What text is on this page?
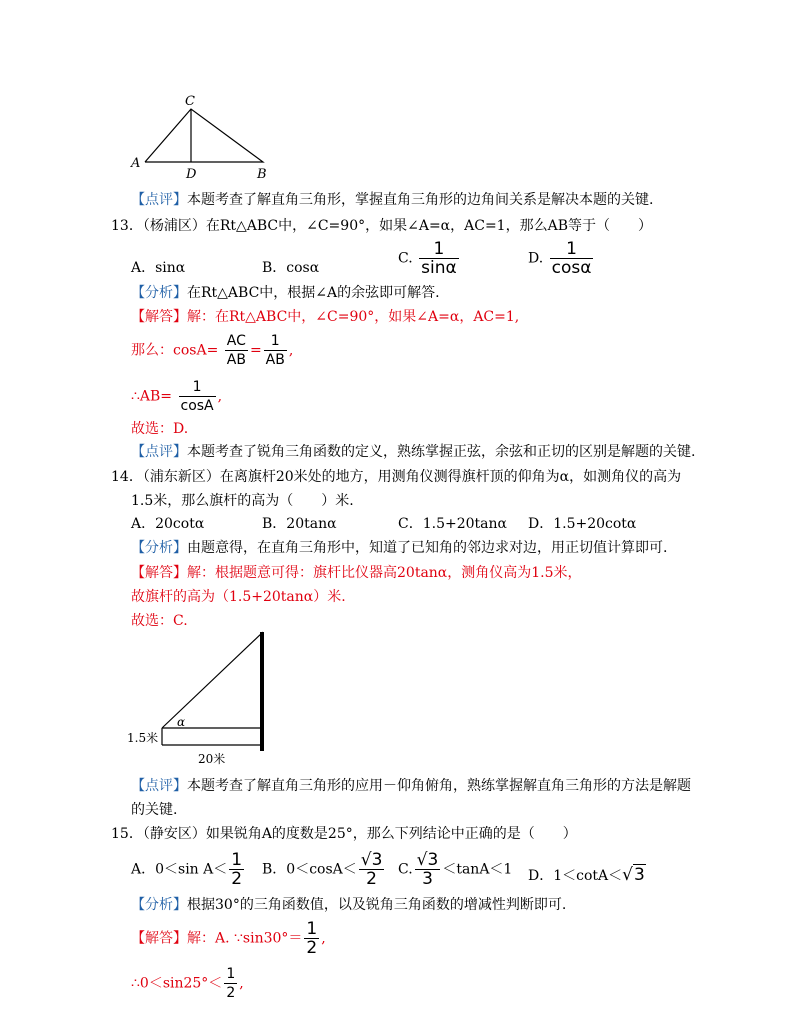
C
A
D	B
【点评】本题考查了解直角三角形，掌握直角三角形的边角间关系是解决本题的关键.
13．（杨浦区）在Rt△ABC中，∠C=90°，如果∠A=α，AC=1，那么AB等于（　　）
A．sinα	B．cosα
C. $\frac{1}{\sin\alpha}$	D. $\frac{1}{\cos\alpha}$
【分析】在Rt△ABC中，根据∠A的余弦即可解答.
【解答】解：在Rt△ABC中，∠C=90°，如果∠A=α，AC=1,
那么：$\cos A= \frac{AC}{AB} = \frac{1}{AB}$ ,
∴AB= $\frac{1}{\cos A}$ ,
故选：D.
【点评】本题考查了锐角三角函数的定义，熟练掌握正弦，余弦和正切的区别是解题的关键.
14．（浦东新区）在离旗杆20米处的地方，用测角仪测得旗杆顶的仰角为α，如测角仪的高为
1.5米，那么旗杆的高为（　　）米.
A．20cotα	B．20tanα	C．1.5+20tanα D．1.5+20cotα
【分析】由题意得，在直角三角形中，知道了已知角的邻边求对边，用正切值计算即可.
【解答】解：根据题意可得：旗杆比仪器高20tanα，测角仪高为1.5米，
故旗杆的高为（1.5+20tanα）米.
故选：C.
1.5米
20米
α
【点评】本题考查了解直角三角形的应用－仰角俯角，熟练掌握解直角三角形的方法是解题
的关键.
15．（静安区）如果锐角A的度数是25°，那么下列结论中正确的是（　　）
A．0＜sin $A< \frac{1}{2}$ B．$0<\cos A< \frac{√3}{2} C$. $\frac{√3}{3} <\tan A<1$ D．1＜cotA＜√3
【分析】根据30°的三角函数值，以及锐角三角函数的增减性判断即可.
【解答】解：A. ∵sin30°＝ $\frac{1}{2}$ ,
∴0＜sin25°＜ $\frac{1}{2}$ ,
